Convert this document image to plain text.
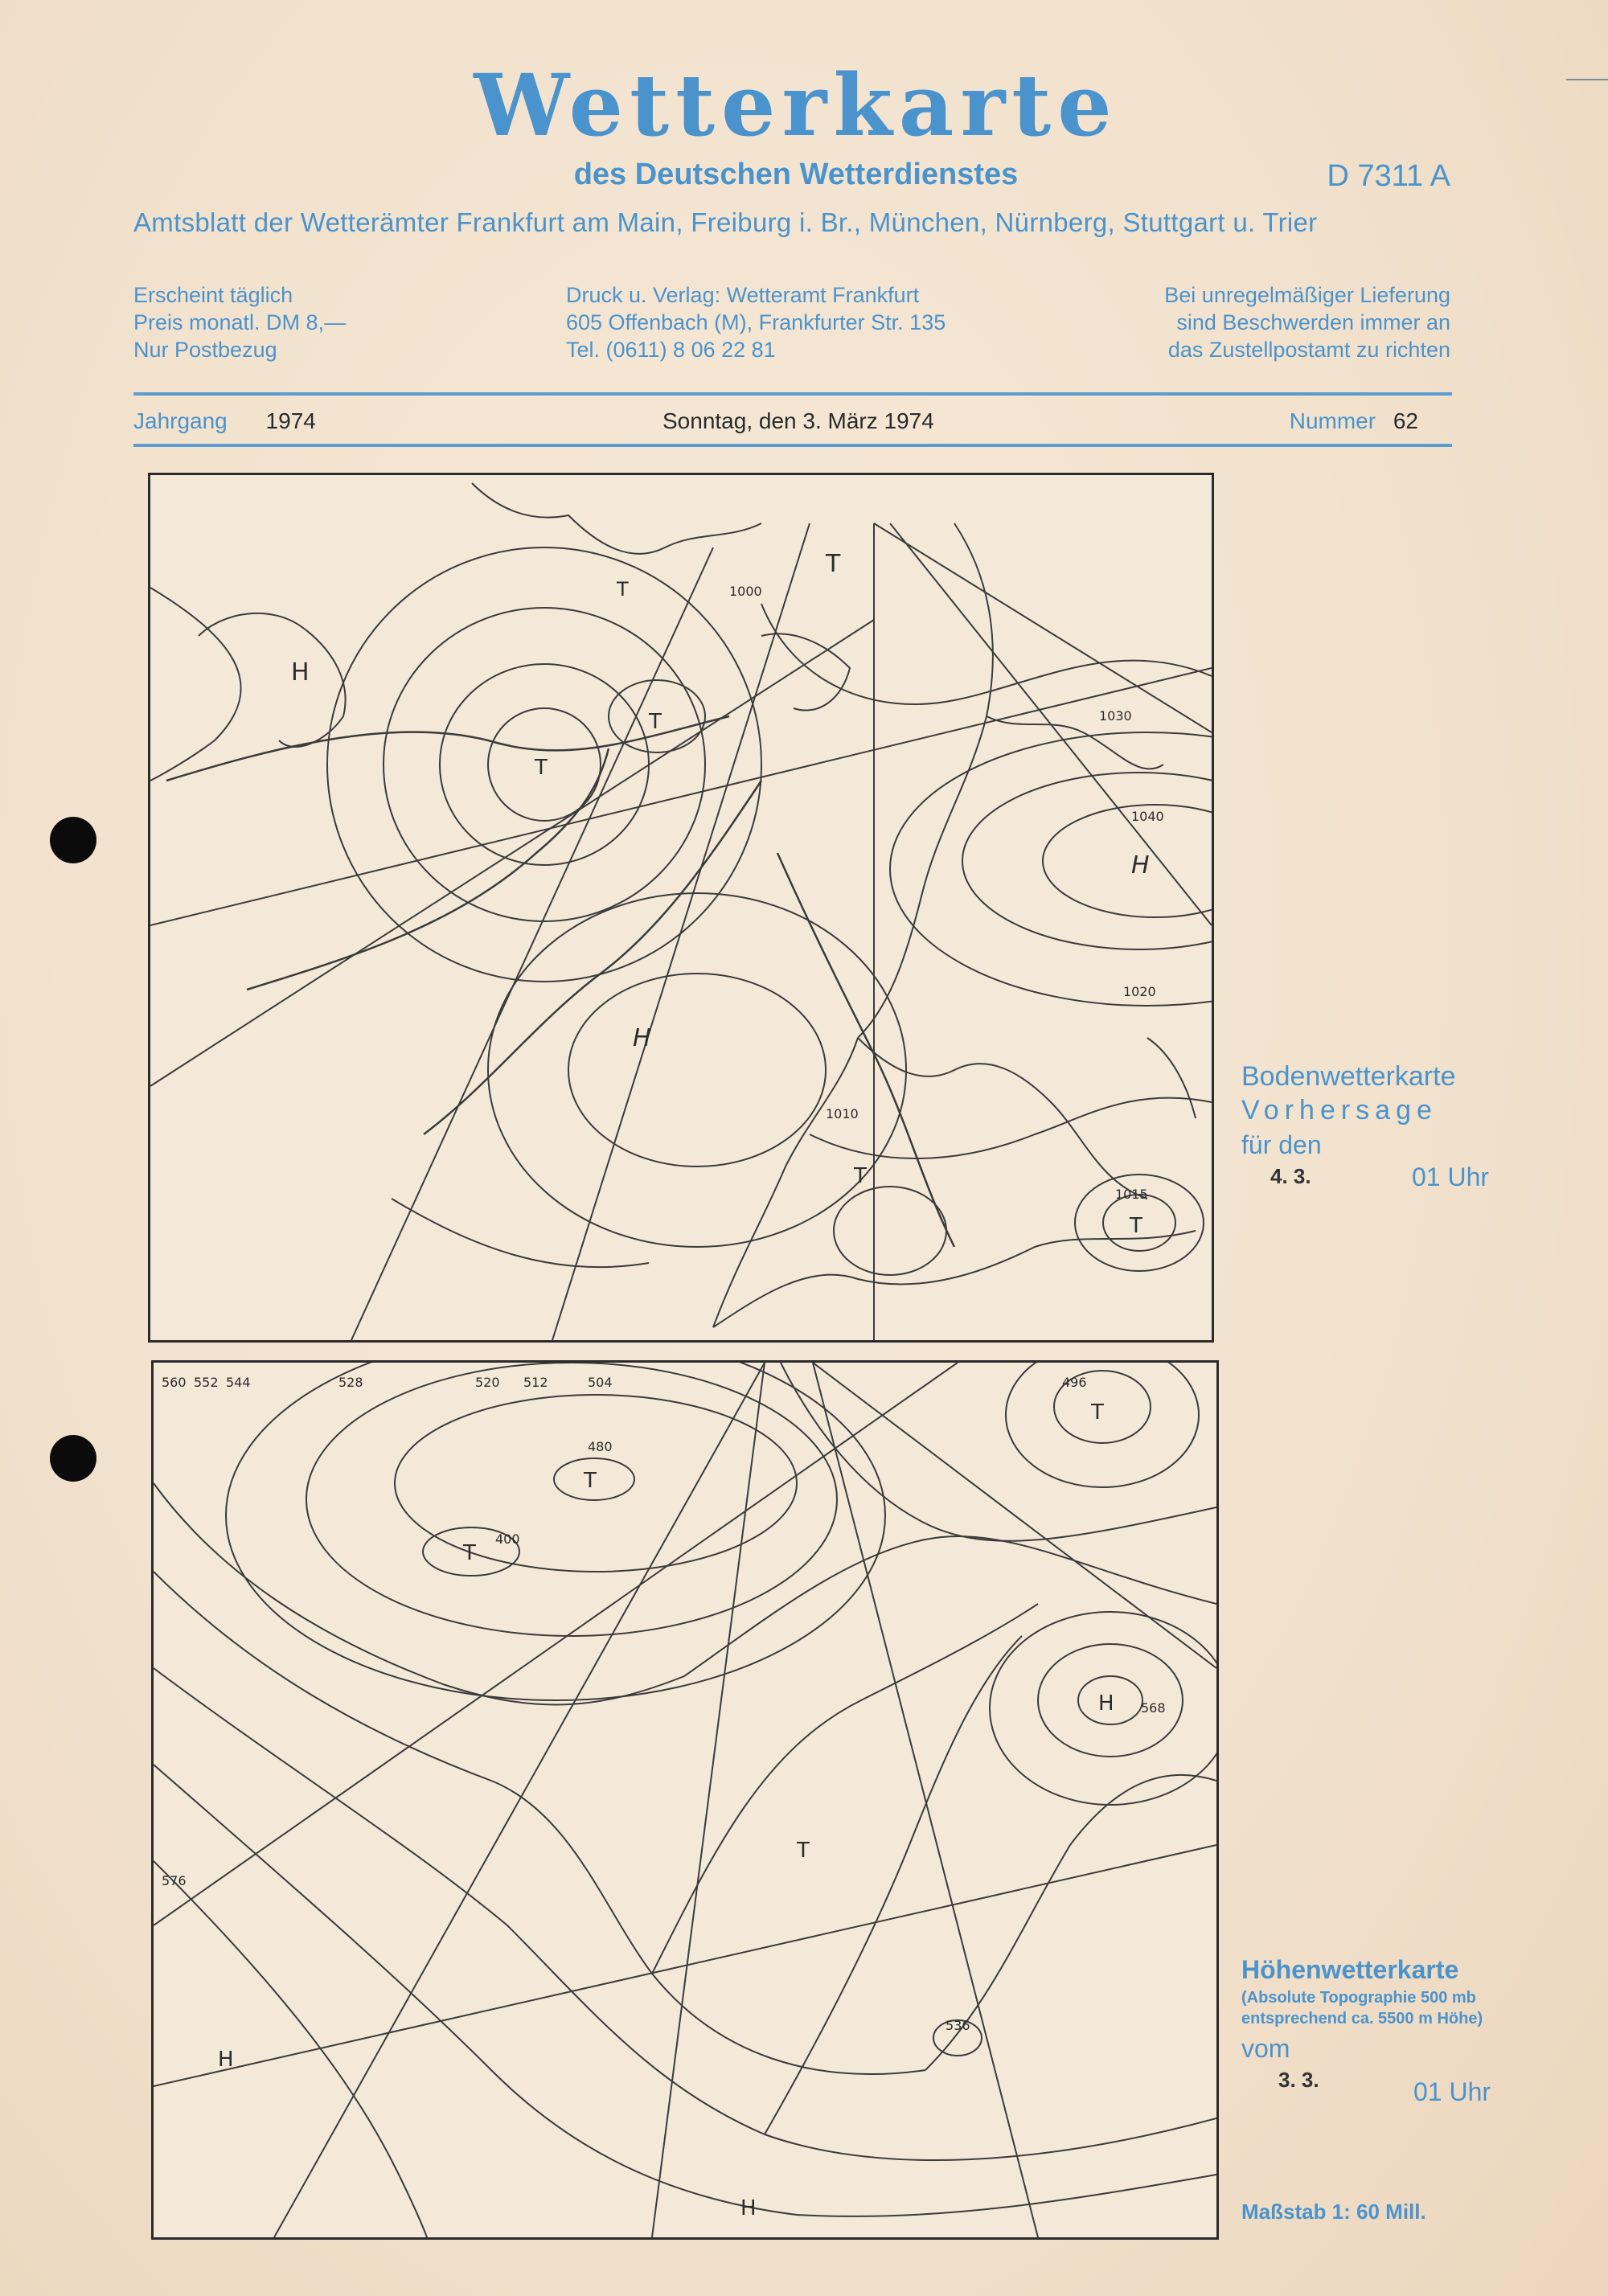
Wetterkarte
des Deutschen Wetterdienstes	D 7311 A
Amtsblatt der Wetterämter Frankfurt am Main, Freiburg i. Br., München, Nürnberg, Stuttgart u. Trier
Erscheint täglich
Preis monatl. DM 8,—
Nur Postbezug
Druck u. Verlag: Wetteramt Frankfurt
605 Offenbach (M), Frankfurter Str. 135
Tel. (0611) 8 06 22 81
Bei unregelmäßiger Lieferung
sind Beschwerden immer an
das Zustellpostamt zu richten
Jahrgang 1974	Sonntag, den 3. März 1974	Nummer 62
H
H
H
T
T
T
T
T
T
1040
1030
1020
1015
1010
1000
Bodenwetterkarte
Vorhersage
für den
4. 3.	01 Uhr
H
H
H
T
T
T
T
560 552 544	528	520 512	504	496
480
400
568
576
536
Höhenwetterkarte
(Absolute Topographie 500 mb
entsprechend ca. 5500 m Höhe)
vom
3. 3.	01 Uhr
Maßstab 1: 60 Mill.
